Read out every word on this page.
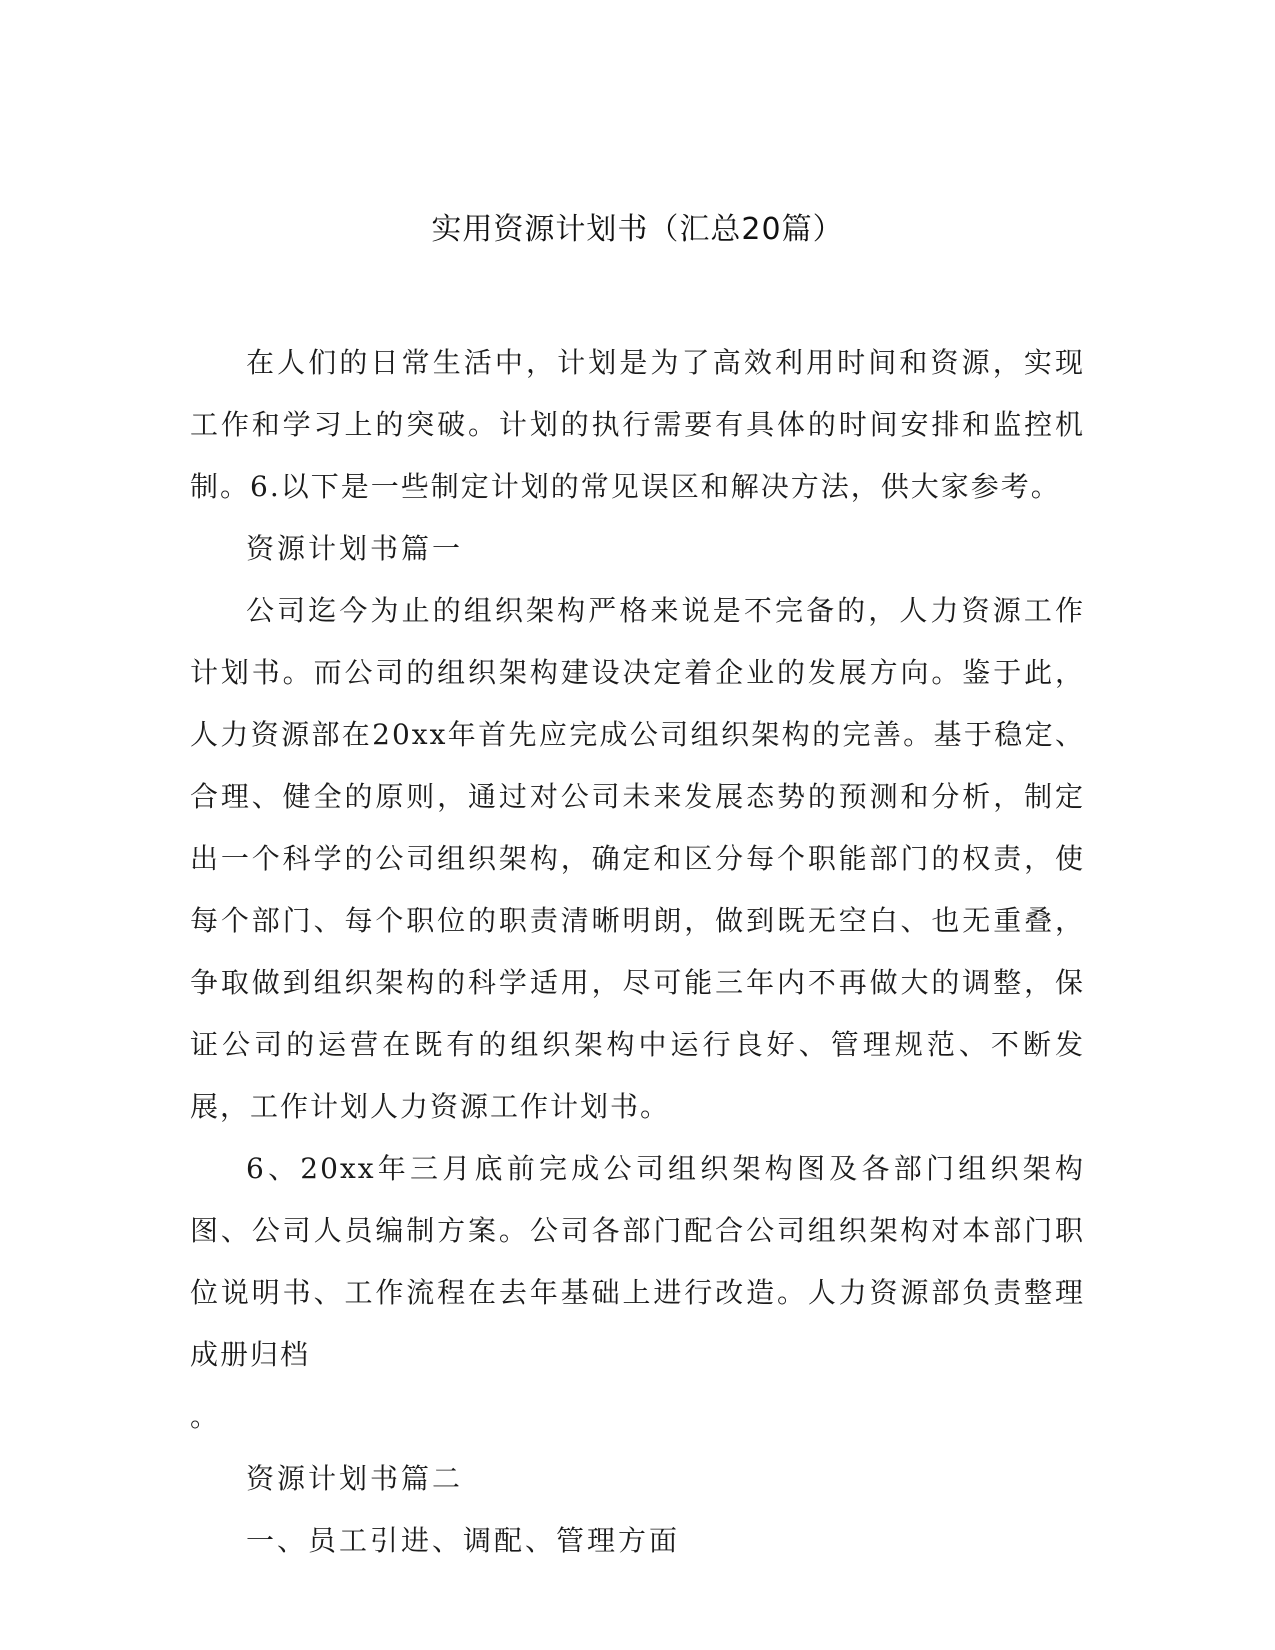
实用资源计划书（汇总20篇）

在人们的日常生活中，计划是为了高效利用时间和资源，实现工作和学习上的突破。计划的执行需要有具体的时间安排和监控机制。6.以下是一些制定计划的常见误区和解决方法，供大家参考。

资源计划书篇一

公司迄今为止的组织架构严格来说是不完备的，人力资源工作计划书。而公司的组织架构建设决定着企业的发展方向。鉴于此，人力资源部在20xx年首先应完成公司组织架构的完善。基于稳定、合理、健全的原则，通过对公司未来发展态势的预测和分析，制定出一个科学的公司组织架构，确定和区分每个职能部门的权责，使每个部门、每个职位的职责清晰明朗，做到既无空白、也无重叠，争取做到组织架构的科学适用，尽可能三年内不再做大的调整，保证公司的运营在既有的组织架构中运行良好、管理规范、不断发展，工作计划人力资源工作计划书。

6、20xx年三月底前完成公司组织架构图及各部门组织架构图、公司人员编制方案。公司各部门配合公司组织架构对本部门职位说明书、工作流程在去年基础上进行改造。人力资源部负责整理成册归档

。

资源计划书篇二

一、员工引进、调配、管理方面
